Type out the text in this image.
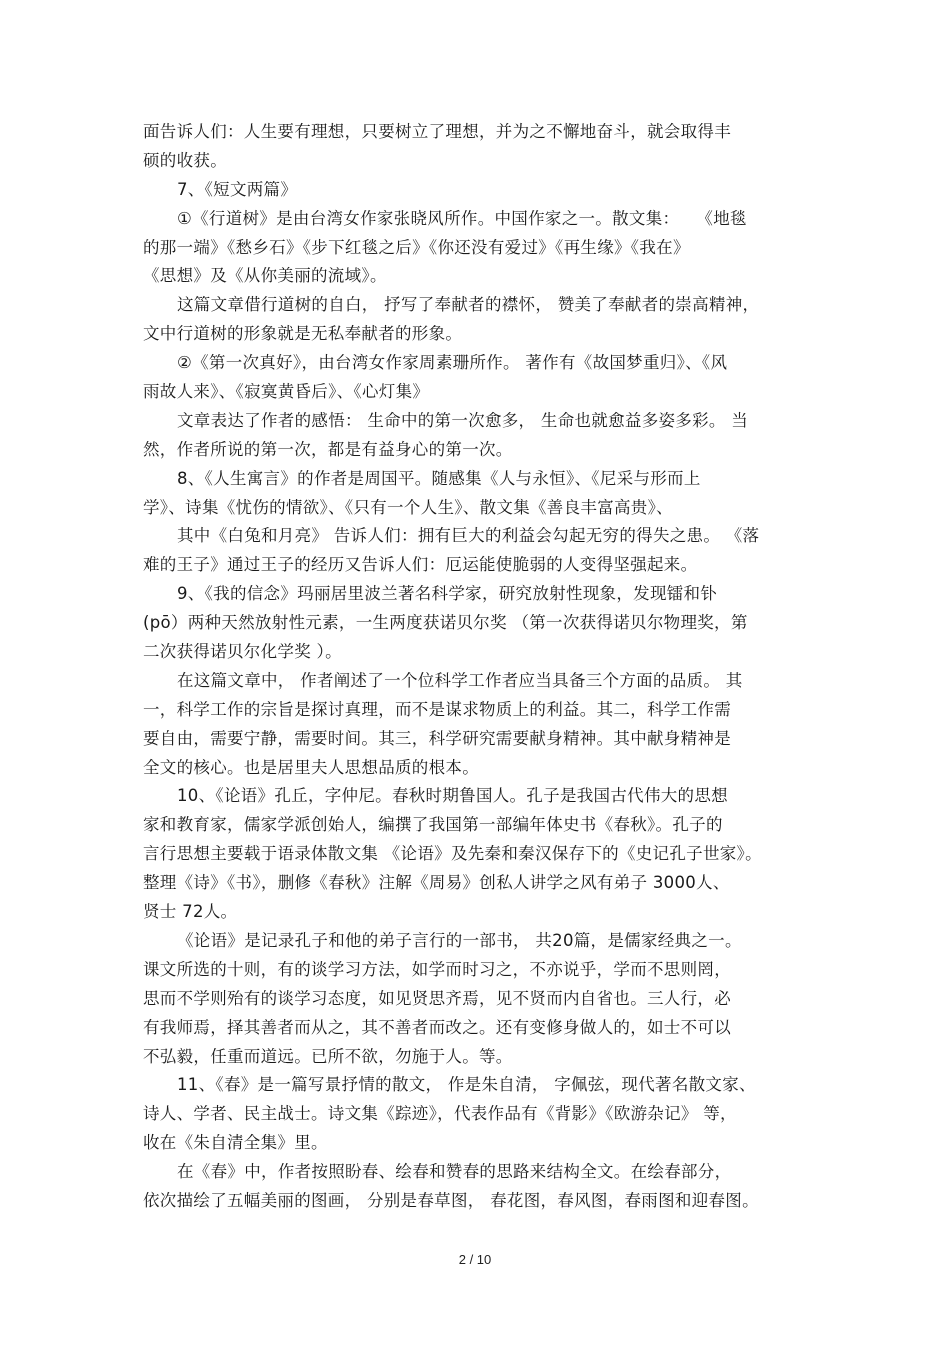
面告诉人们：人生要有理想，只要树立了理想，并为之不懈地奋斗，就会取得丰
硕的收获。
7、《短文两篇》
①《行道树》是由台湾女作家张晓风所作。中国作家之一。散文集：　　《地毯
的那一端》《愁乡石》《步下红毯之后》《你还没有爱过》《再生缘》《我在》
《思想》及《从你美丽的流域》。
这篇文章借行道树的自白， 抒写了奉献者的襟怀， 赞美了奉献者的崇高精神，
文中行道树的形象就是无私奉献者的形象。
②《第一次真好》，由台湾女作家周素珊所作。 著作有《故国梦重归》、《风
雨故人来》、《寂寞黄昏后》、《心灯集》
文章表达了作者的感悟： 生命中的第一次愈多， 生命也就愈益多姿多彩。 当
然，作者所说的第一次，都是有益身心的第一次。
8、《人生寓言》的作者是周国平。随感集《人与永恒》、《尼采与形而上
学》、诗集《忧伤的情欲》、《只有一个人生》、散文集《善良丰富高贵》、
其中《白兔和月亮》 告诉人们：拥有巨大的利益会勾起无穷的得失之患。 《落
难的王子》通过王子的经历又告诉人们：厄运能使脆弱的人变得坚强起来。
9、《我的信念》玛丽居里波兰著名科学家，研究放射性现象，发现镭和钋
(pō）两种天然放射性元素，一生两度获诺贝尔奖 （第一次获得诺贝尔物理奖，第
二次获得诺贝尔化学奖 ）。
在这篇文章中， 作者阐述了一个位科学工作者应当具备三个方面的品质。 其
一，科学工作的宗旨是探讨真理，而不是谋求物质上的利益。其二，科学工作需
要自由，需要宁静，需要时间。其三，科学研究需要献身精神。其中献身精神是
全文的核心。也是居里夫人思想品质的根本。
10、《论语》孔丘，字仲尼。春秋时期鲁国人。孔子是我国古代伟大的思想
家和教育家，儒家学派创始人，编撰了我国第一部编年体史书《春秋》。孔子的
言行思想主要载于语录体散文集 《论语》及先秦和秦汉保存下的《史记孔子世家》。
整理《诗》《书》，删修《春秋》注解《周易》创私人讲学之风有弟子 3000人、
贤士 72人。
《论语》是记录孔子和他的弟子言行的一部书， 共20篇，是儒家经典之一。
课文所选的十则，有的谈学习方法，如学而时习之，不亦说乎，学而不思则罔，
思而不学则殆有的谈学习态度，如见贤思齐焉，见不贤而内自省也。三人行，必
有我师焉，择其善者而从之，其不善者而改之。还有变修身做人的，如士不可以
不弘毅，任重而道远。已所不欲，勿施于人。等。
11、《春》是一篇写景抒情的散文， 作是朱自清， 字佩弦，现代著名散文家、
诗人、学者、民主战士。诗文集《踪迹》，代表作品有《背影》《欧游杂记》 等，
收在《朱自清全集》里。
在《春》中，作者按照盼春、绘春和赞春的思路来结构全文。在绘春部分，
依次描绘了五幅美丽的图画， 分别是春草图， 春花图，春风图，春雨图和迎春图。
2 / 10
